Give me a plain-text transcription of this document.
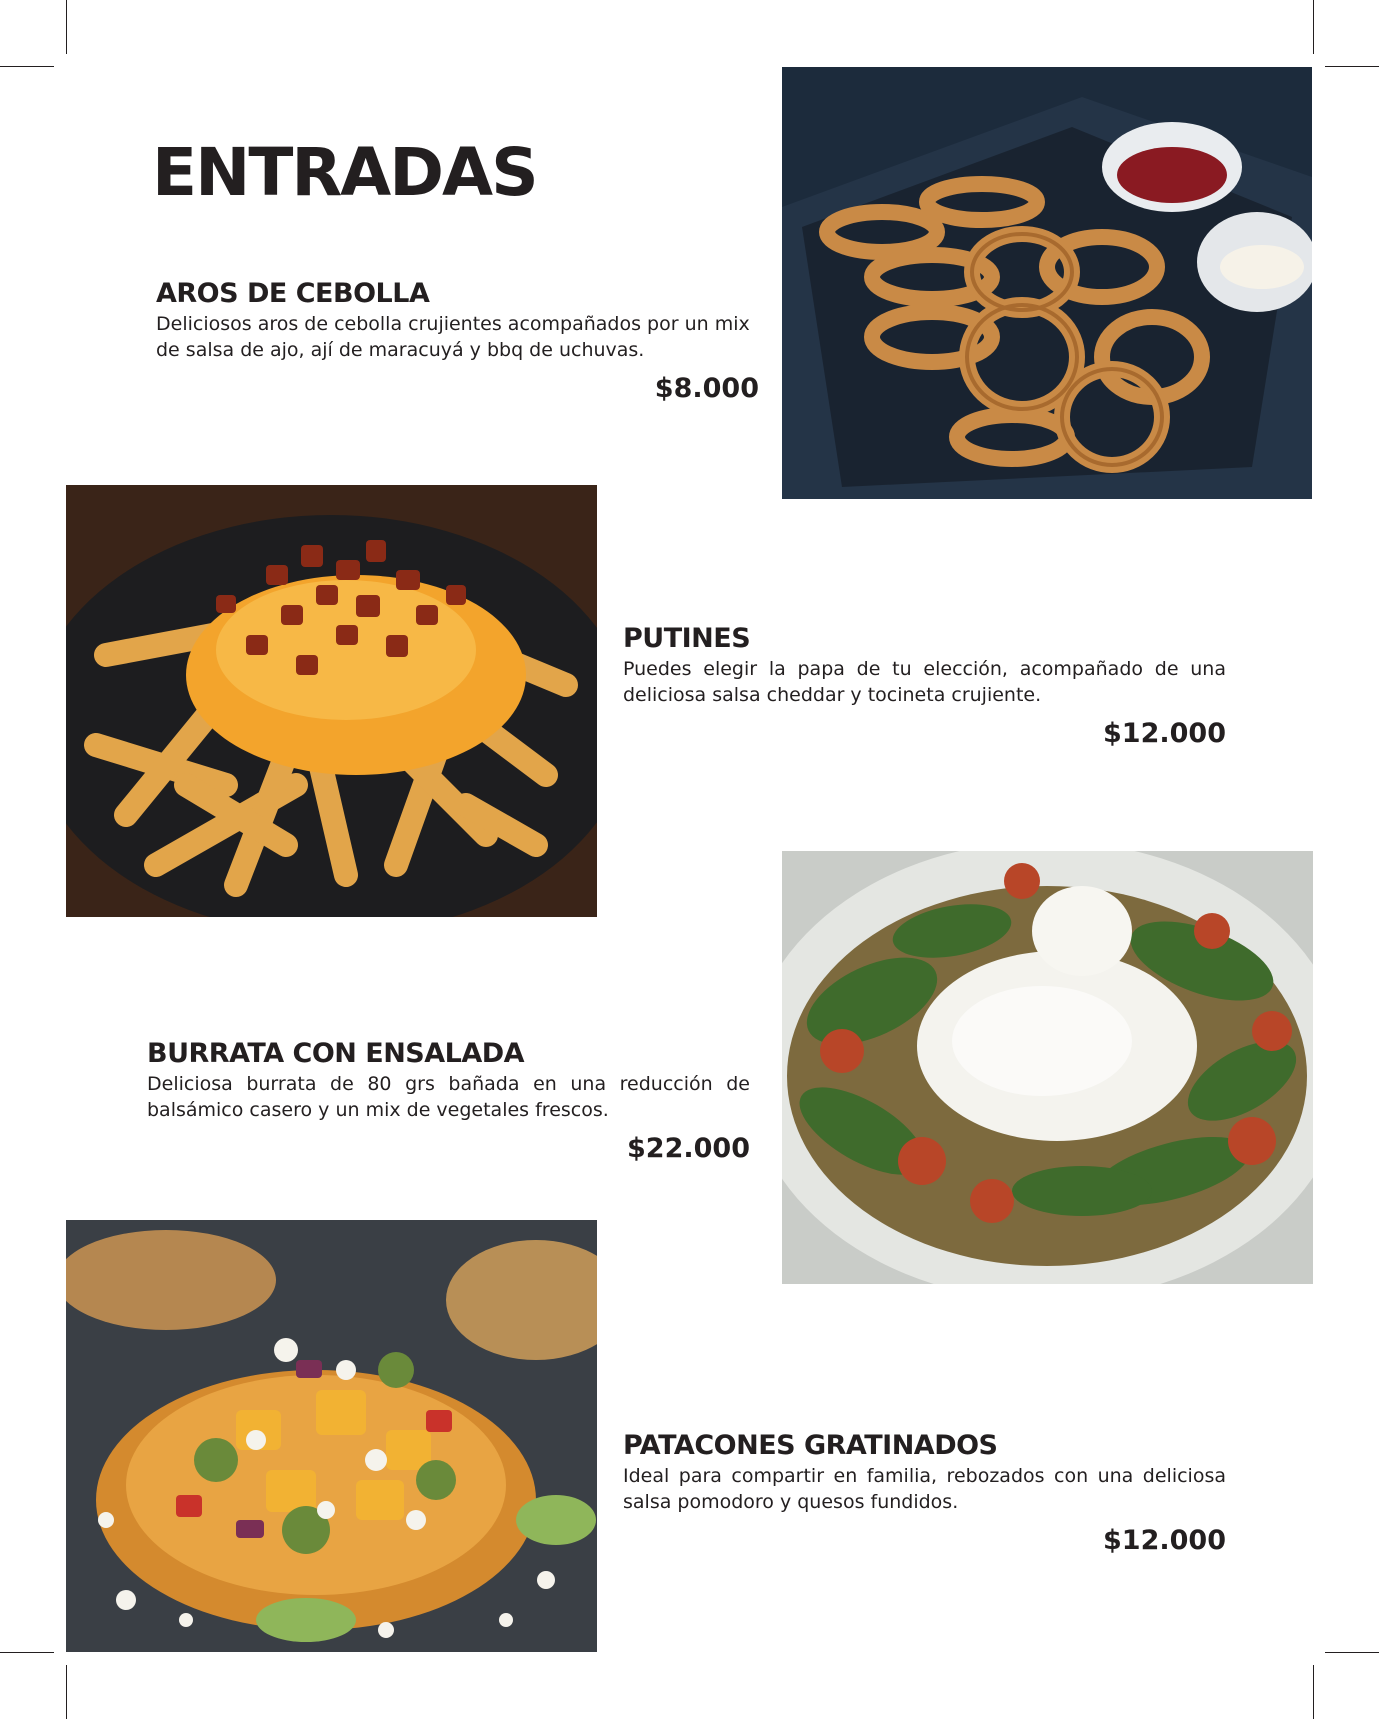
ENTRADAS
AROS DE CEBOLLA

Deliciosos aros de cebolla crujientes acompañados por un mix de salsa de ajo, ají de maracuyá y bbq de uchuvas.

$8.000
PUTINES

Puedes elegir la papa de tu elección, acompañado de una deliciosa salsa cheddar y tocineta crujiente.

$12.000
BURRATA CON ENSALADA

Deliciosa burrata de 80 grs bañada en una reducción de balsámico casero y un mix de vegetales frescos.

$22.000
PATACONES GRATINADOS

Ideal para compartir en familia, rebozados con una deliciosa salsa pomodoro y quesos fundidos.

$12.000
